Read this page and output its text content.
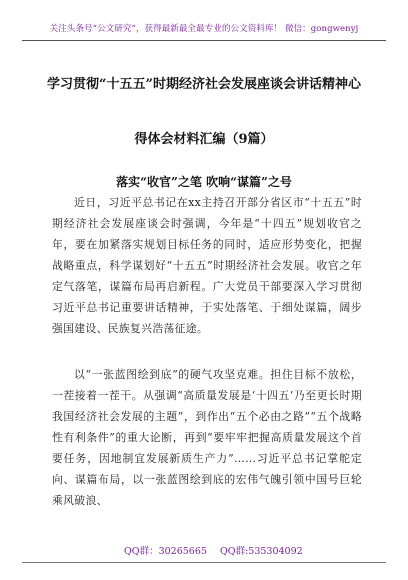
关注头条号“公文研究”，获得最新最全最专业的公文资料库！ 微信：gongwenyj
学习贯彻“十五五”时期经济社会发展座谈会讲话精神心
得体会材料汇编（9篇）
落实“收官”之笔 吹响“谋篇”之号

近日，习近平总书记在xx主持召开部分省区市“十五五”时期经济社会发展座谈会时强调，今年是“十四五”规划收官之年，要在加紧落实规划目标任务的同时，适应形势变化，把握战略重点，科学谋划好“十五五”时期经济社会发展。收官之年定气落笔，谋篇布局再启新程。广大党员干部要深入学习贯彻习近平总书记重要讲话精神，于实处落笔、于细处谋篇，阔步强国建设、民族复兴浩荡征途。

以“一张蓝图绘到底”的硬气攻坚克难。担住目标不放松，一茬接着一茬干。从强调“高质量发展是‘十四五’乃至更长时期我国经济社会发展的主题”，到作出“五个必由之路”“五个战略性有利条件”的重大论断，再到“要牢牢把握高质量发展这个首要任务，因地制宜发展新质生产力”……习近平总书记掌舵定向、谋篇布局，以一张蓝图绘到底的宏伟气魄引领中国号巨轮乘风破浪、

QQ群：30265665 QQ群:535304092
